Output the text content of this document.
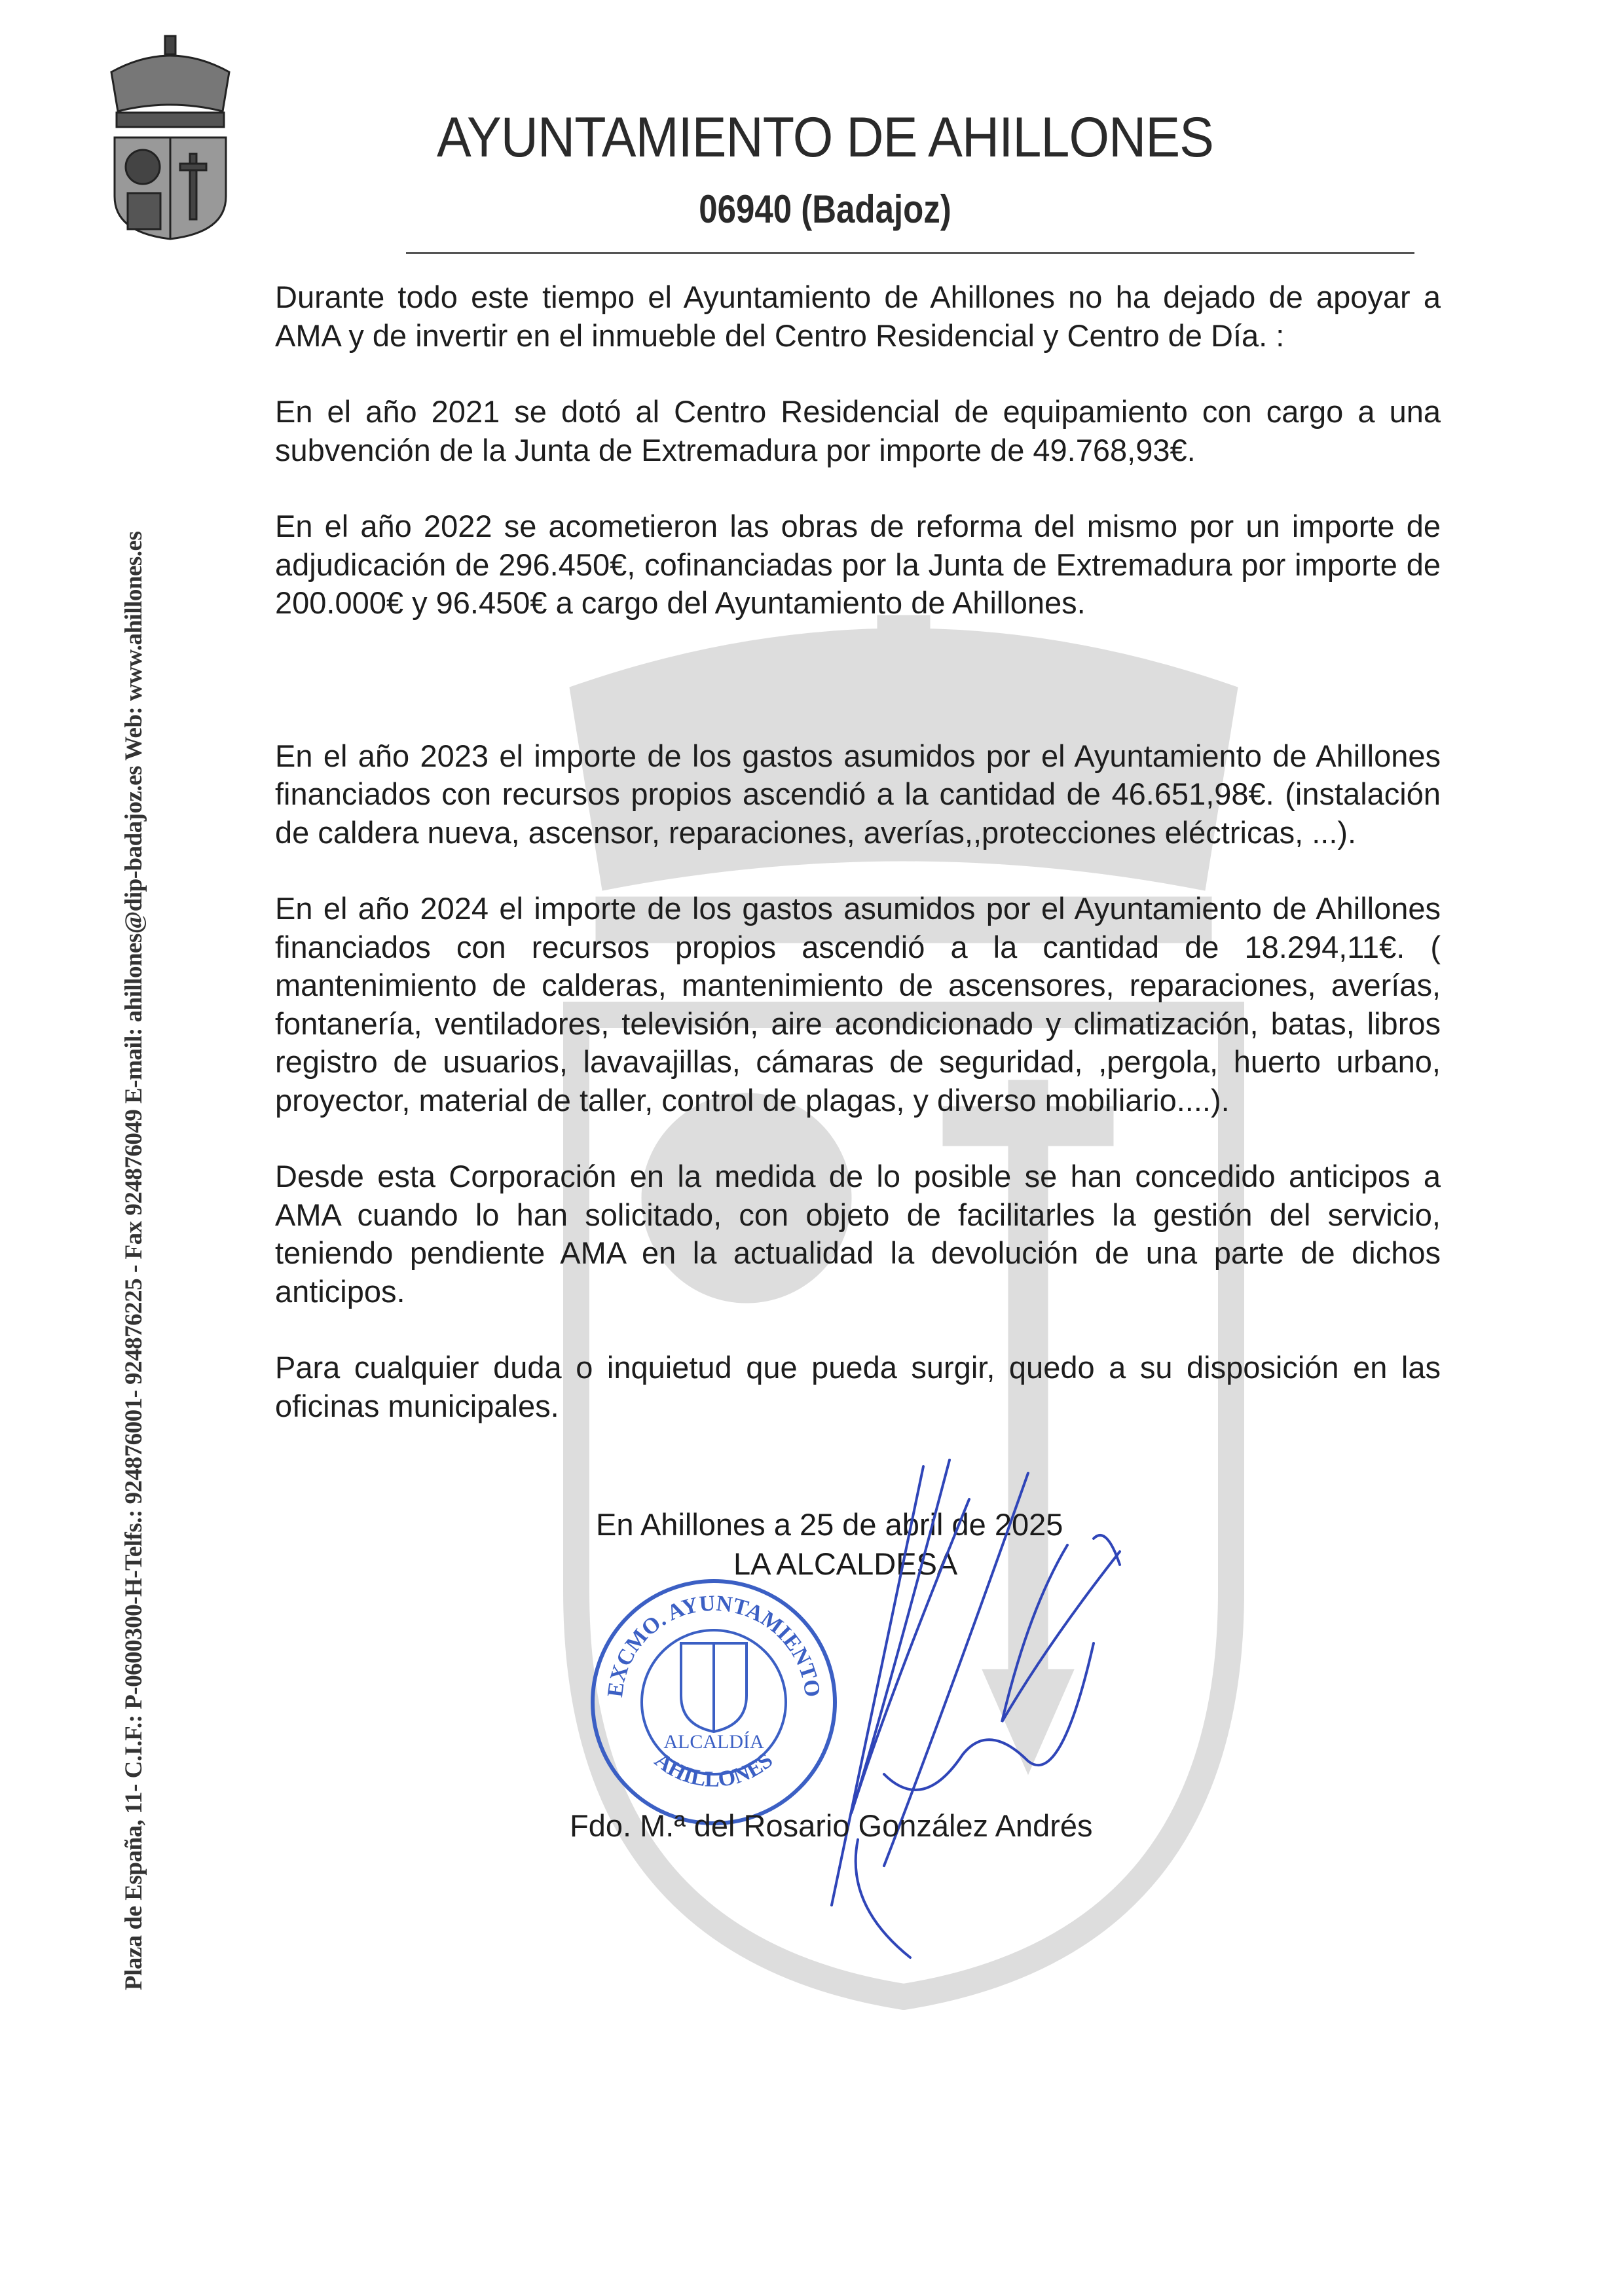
AYUNTAMIENTO DE AHILLONES
06940 (Badajoz)
Plaza de España, 11- C.I.F.: P-0600300-H-Telfs.: 924876001- 924876225 - Fax 924876049 E-mail: ahillones@dip-badajoz.es Web: www.ahillones.es

Durante todo este tiempo el Ayuntamiento de Ahillones no ha dejado de apoyar a AMA y de invertir en el inmueble del Centro Residencial y Centro de Día. :

En el año 2021 se dotó al Centro Residencial de equipamiento con cargo a una subvención de la Junta de Extremadura por importe de 49.768,93€.

En el año 2022 se acometieron las obras de reforma del mismo por un importe de adjudicación de 296.450€, cofinanciadas por la Junta de Extremadura por importe de 200.000€ y 96.450€ a cargo del Ayuntamiento de Ahillones.

En el año 2023 el importe de los gastos asumidos por el Ayuntamiento de Ahillones financiados con recursos propios ascendió a la cantidad de 46.651,98€. (instalación de caldera nueva, ascensor, reparaciones, averías,,protecciones eléctricas, ...).

En el año 2024 el importe de los gastos asumidos por el Ayuntamiento de Ahillones financiados con recursos propios ascendió a la cantidad de 18.294,11€. ( mantenimiento de calderas, mantenimiento de ascensores, reparaciones, averías, fontanería, ventiladores, televisión, aire acondicionado y climatización, batas, libros registro de usuarios, lavavajillas, cámaras de seguridad, ,pergola, huerto urbano, proyector, material de taller, control de plagas, y diverso mobiliario....).

Desde esta Corporación en la medida de lo posible se han concedido anticipos a AMA cuando lo han solicitado, con objeto de facilitarles la gestión del servicio, teniendo pendiente AMA en la actualidad la devolución de una parte de dichos anticipos.

Para cualquier duda o inquietud que pueda surgir, quedo a su disposición en las oficinas municipales.

En Ahillones a 25 de abril de 2025
LA ALCALDESA
EXCMO. AYUNTAMIENTO
AHILLONES
ALCALDÍA
Fdo. M.ª del Rosario González Andrés
